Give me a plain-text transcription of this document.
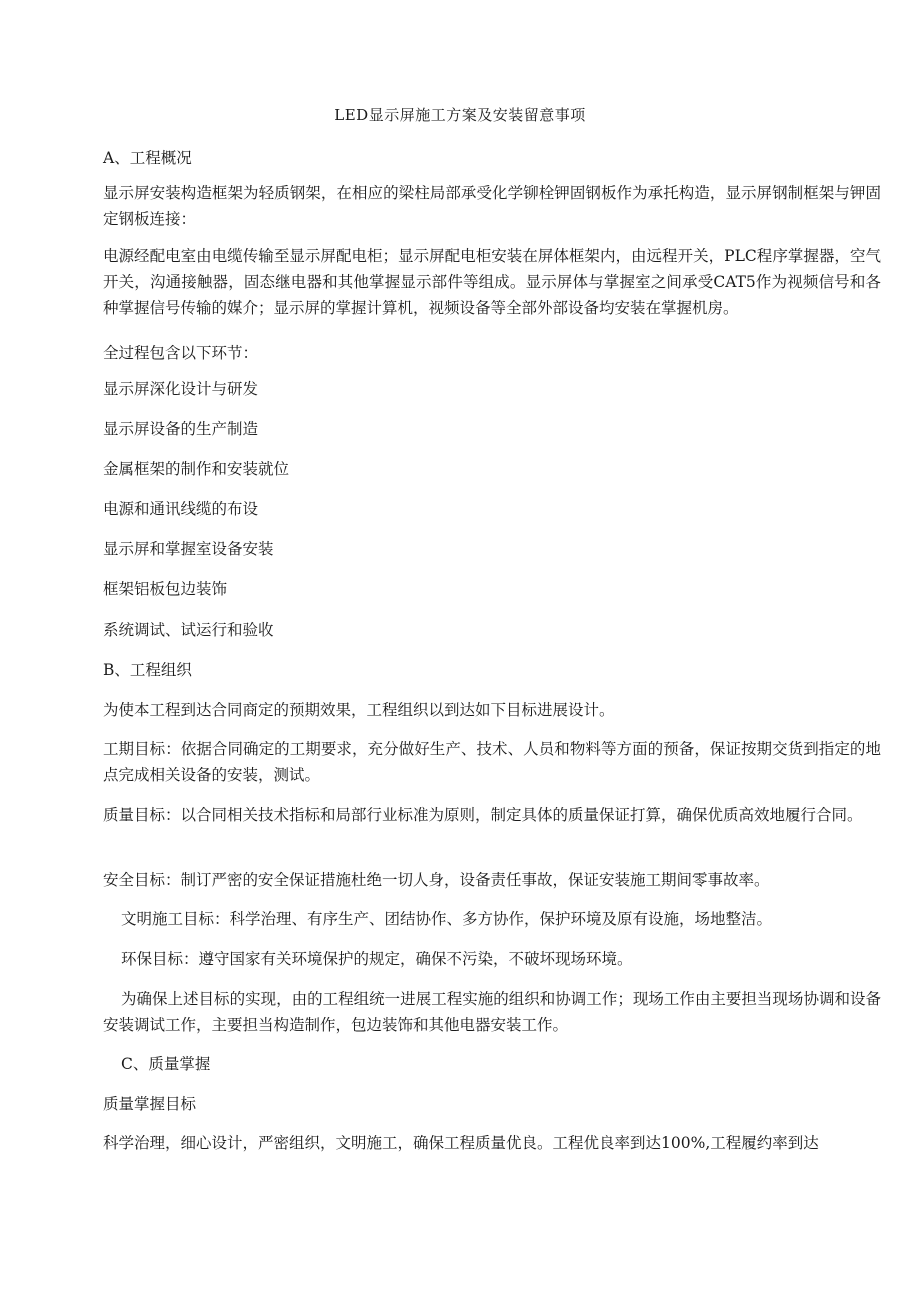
LED显示屏施工方案及安装留意事项
A、工程概况
显示屏安装构造框架为轻质钢架，在相应的梁柱局部承受化学铆栓钾固钢板作为承托构造，显示屏钢制框架与钾固定钢板连接：
电源经配电室由电缆传输至显示屏配电柜；显示屏配电柜安装在屏体框架内，由远程开关，PLC程序掌握器，空气开关，沟通接触器，固态继电器和其他掌握显示部件等组成。显示屏体与掌握室之间承受CAT5作为视频信号和各种掌握信号传输的媒介；显示屏的掌握计算机，视频设备等全部外部设备均安装在掌握机房。
全过程包含以下环节：
显示屏深化设计与研发
显示屏设备的生产制造
金属框架的制作和安装就位
电源和通讯线缆的布设
显示屏和掌握室设备安装
框架铝板包边装饰
系统调试、试运行和验收
B、工程组织
为使本工程到达合同商定的预期效果，工程组织以到达如下目标进展设计。
工期目标：依据合同确定的工期要求，充分做好生产、技术、人员和物料等方面的预备，保证按期交货到指定的地点完成相关设备的安装，测试。
质量目标：以合同相关技术指标和局部行业标准为原则，制定具体的质量保证打算，确保优质高效地履行合同。
安全目标：制订严密的安全保证措施杜绝一切人身，设备责任事故，保证安装施工期间零事故率。
文明施工目标：科学治理、有序生产、团结协作、多方协作，保护环境及原有设施，场地整洁。
环保目标：遵守国家有关环境保护的规定，确保不污染，不破坏现场环境。
为确保上述目标的实现，由的工程组统一进展工程实施的组织和协调工作；现场工作由主要担当现场协调和设备安装调试工作，主要担当构造制作，包边装饰和其他电器安装工作。
C、质量掌握
质量掌握目标
科学治理，细心设计，严密组织，文明施工，确保工程质量优良。工程优良率到达100%,工程履约率到达
